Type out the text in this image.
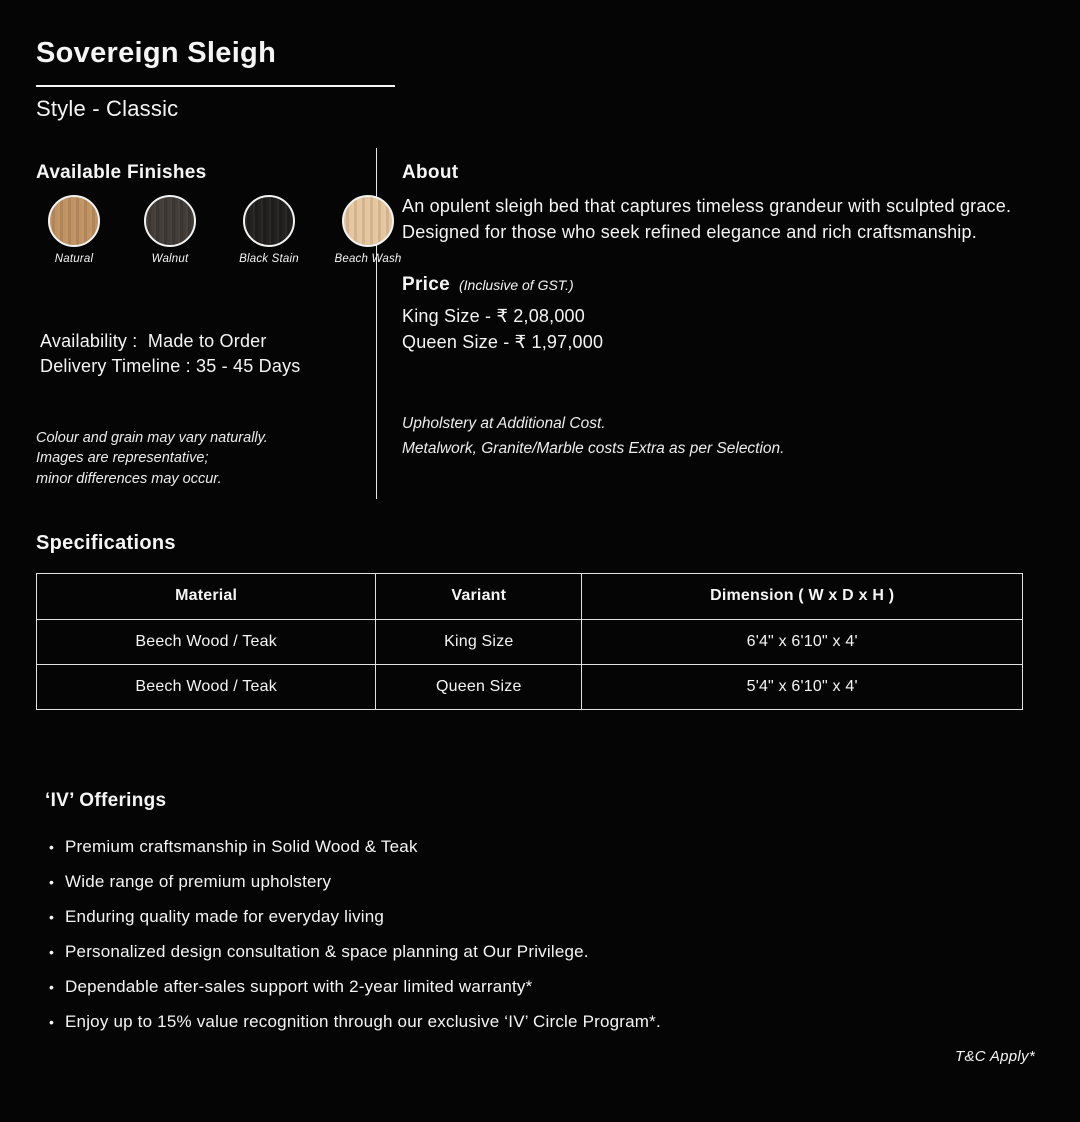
Sovereign Sleigh
Style - Classic
Available Finishes
Natural	Walnut	Black Stain	Beach Wash
Availability :  Made to Order
Delivery Timeline : 35 - 45 Days
Colour and grain may vary naturally.
Images are representative;
minor differences may occur.
About

An opulent sleigh bed that captures timeless grandeur with sculpted grace. Designed for those who seek refined elegance and rich craftsmanship.

Price (Inclusive of GST.)
King Size - ₹ 2,08,000
Queen Size - ₹ 1,97,000
Upholstery at Additional Cost.
Metalwork, Granite/Marble costs Extra as per Selection.
Specifications
Material	Variant	Dimension ( W x D x H )
Beech Wood / Teak	King Size	6'4" x 6'10" x 4'
Beech Wood / Teak	Queen Size	5'4" x 6'10" x 4'
‘IV’ Offerings
• Premium craftsmanship in Solid Wood & Teak
• Wide range of premium upholstery
• Enduring quality made for everyday living
• Personalized design consultation & space planning at Our Privilege.
• Dependable after-sales support with 2-year limited warranty*
• Enjoy up to 15% value recognition through our exclusive ‘IV’ Circle Program*.
T&C Apply*
